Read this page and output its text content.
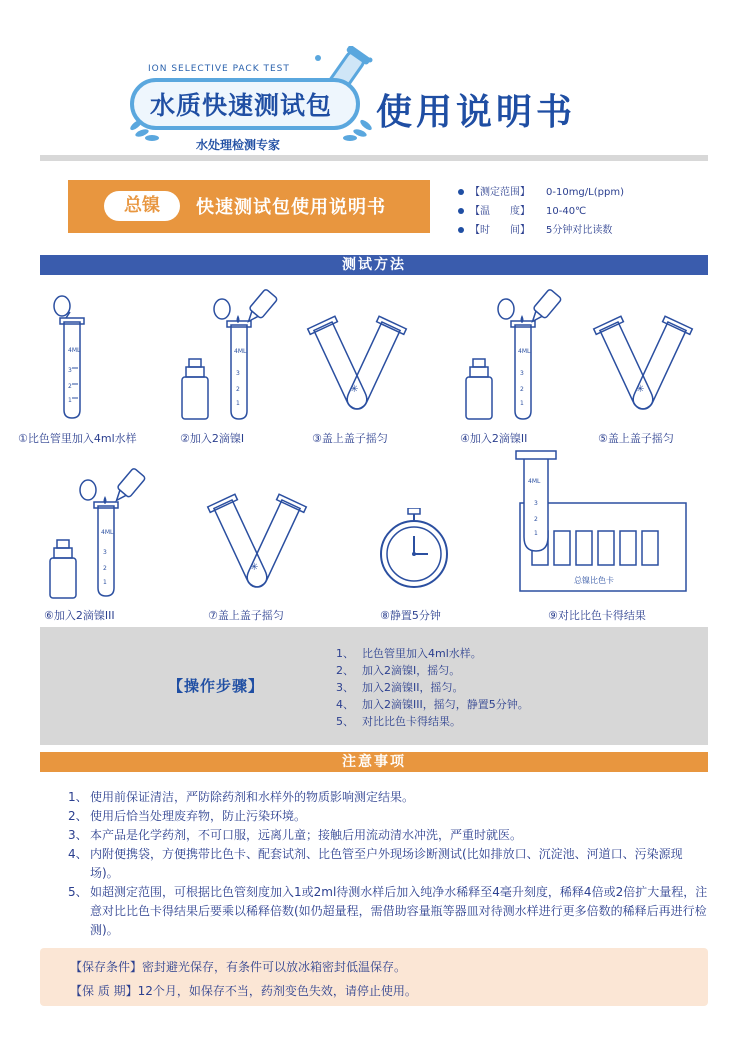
ION SELECTIVE PACK TEST
水质快速测试包
水处理检测专家
使用说明书
总镍	快速测试包使用说明书
【测定范围】 0-10mg/L(ppm)
【温　　度】 10-40℃
【时　　间】 5分钟对比读数
测试方法
4ML
3
2
1
①比色管里加入4ml水样
4ML
3
2
1
②加入2滴镍I
✳
③盖上盖子摇匀
4ML
3
2
1
④加入2滴镍II
✳
⑤盖上盖子摇匀
4ML
3
2
1
⑥加入2滴镍III
✳
⑦盖上盖子摇匀	⑧静置5分钟
总镍比色卡
4ML
3
2
1
⑨对比比色卡得结果
【操作步骤】
1、 比色管里加入4ml水样。
2、 加入2滴镍I，摇匀。
3、 加入2滴镍II，摇匀。
4、 加入2滴镍III，摇匀，静置5分钟。
5、 对比比色卡得结果。
注意事项
1、 使用前保证清洁，严防除药剂和水样外的物质影响测定结果。
2、 使用后恰当处理废弃物，防止污染环境。
3、 本产品是化学药剂，不可口服，远离儿童；接触后用流动清水冲洗，严重时就医。
4、 内附便携袋，方便携带比色卡、配套试剂、比色管至户外现场诊断测试(比如排放口、沉淀池、河道口、污染源现场)。
5、 如超测定范围，可根据比色管刻度加入1或2ml待测水样后加入纯净水稀释至4毫升刻度，稀释4倍或2倍扩大量程，注意对比比色卡得结果后要乘以稀释倍数(如仍超量程，需借助容量瓶等器皿对待测水样进行更多倍数的稀释后再进行检测)。
【保存条件】密封避光保存，有条件可以放冰箱密封低温保存。
【保 质 期】12个月，如保存不当，药剂变色失效，请停止使用。
